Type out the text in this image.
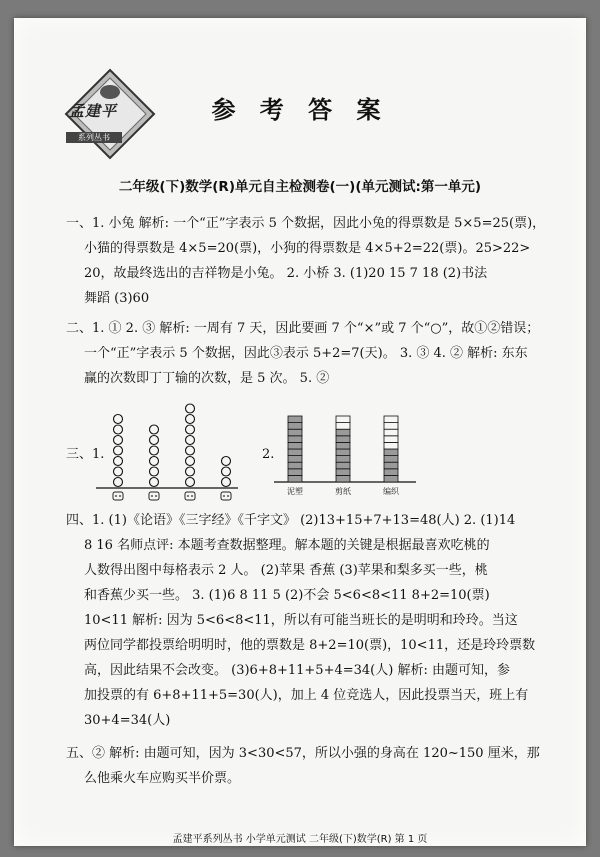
孟建平
系列丛书
参 考 答 案
二年级(下)数学(R)单元自主检测卷(一)(单元测试:第一单元)
一、1. 小兔 解析: 一个“正”字表示 5 个数据，因此小兔的得票数是 5×5=25(票)，
小猫的得票数是 4×5=20(票)，小狗的得票数是 4×5+2=22(票)。25>22>
20，故最终选出的吉祥物是小兔。 2. 小桥 3. (1)20 15 7 18 (2)书法
舞蹈 (3)60
二、1. ① 2. ③ 解析: 一周有 7 天，因此要画 7 个“×”或 7 个“○”，故①②错误；
一个“正”字表示 5 个数据，因此③表示 5+2=7(天)。 3. ③ 4. ② 解析: 东东
赢的次数即丁丁输的次数，是 5 次。 5. ②
三、1.	2.
泥塑	剪纸	编织
四、1. (1)《论语》《三字经》《千字文》 (2)13+15+7+13=48(人) 2. (1)14
8 16 名师点评: 本题考查数据整理。解本题的关键是根据最喜欢吃桃的
人数得出图中每格表示 2 人。 (2)苹果 香蕉 (3)苹果和梨多买一些，桃
和香蕉少买一些。 3. (1)6 8 11 5 (2)不会 5<6<8<11 8+2=10(票)
10<11 解析: 因为 5<6<8<11，所以有可能当班长的是明明和玲玲。当这
两位同学都投票给明明时，他的票数是 8+2=10(票)，10<11，还是玲玲票数
高，因此结果不会改变。 (3)6+8+11+5+4=34(人) 解析: 由题可知，参
加投票的有 6+8+11+5=30(人)，加上 4 位竞选人，因此投票当天，班上有
30+4=34(人)
五、② 解析: 由题可知，因为 3<30<57，所以小强的身高在 120~150 厘米，那
么他乘火车应购买半价票。
孟建平系列丛书 小学单元测试 二年级(下)数学(R) 第 1 页
